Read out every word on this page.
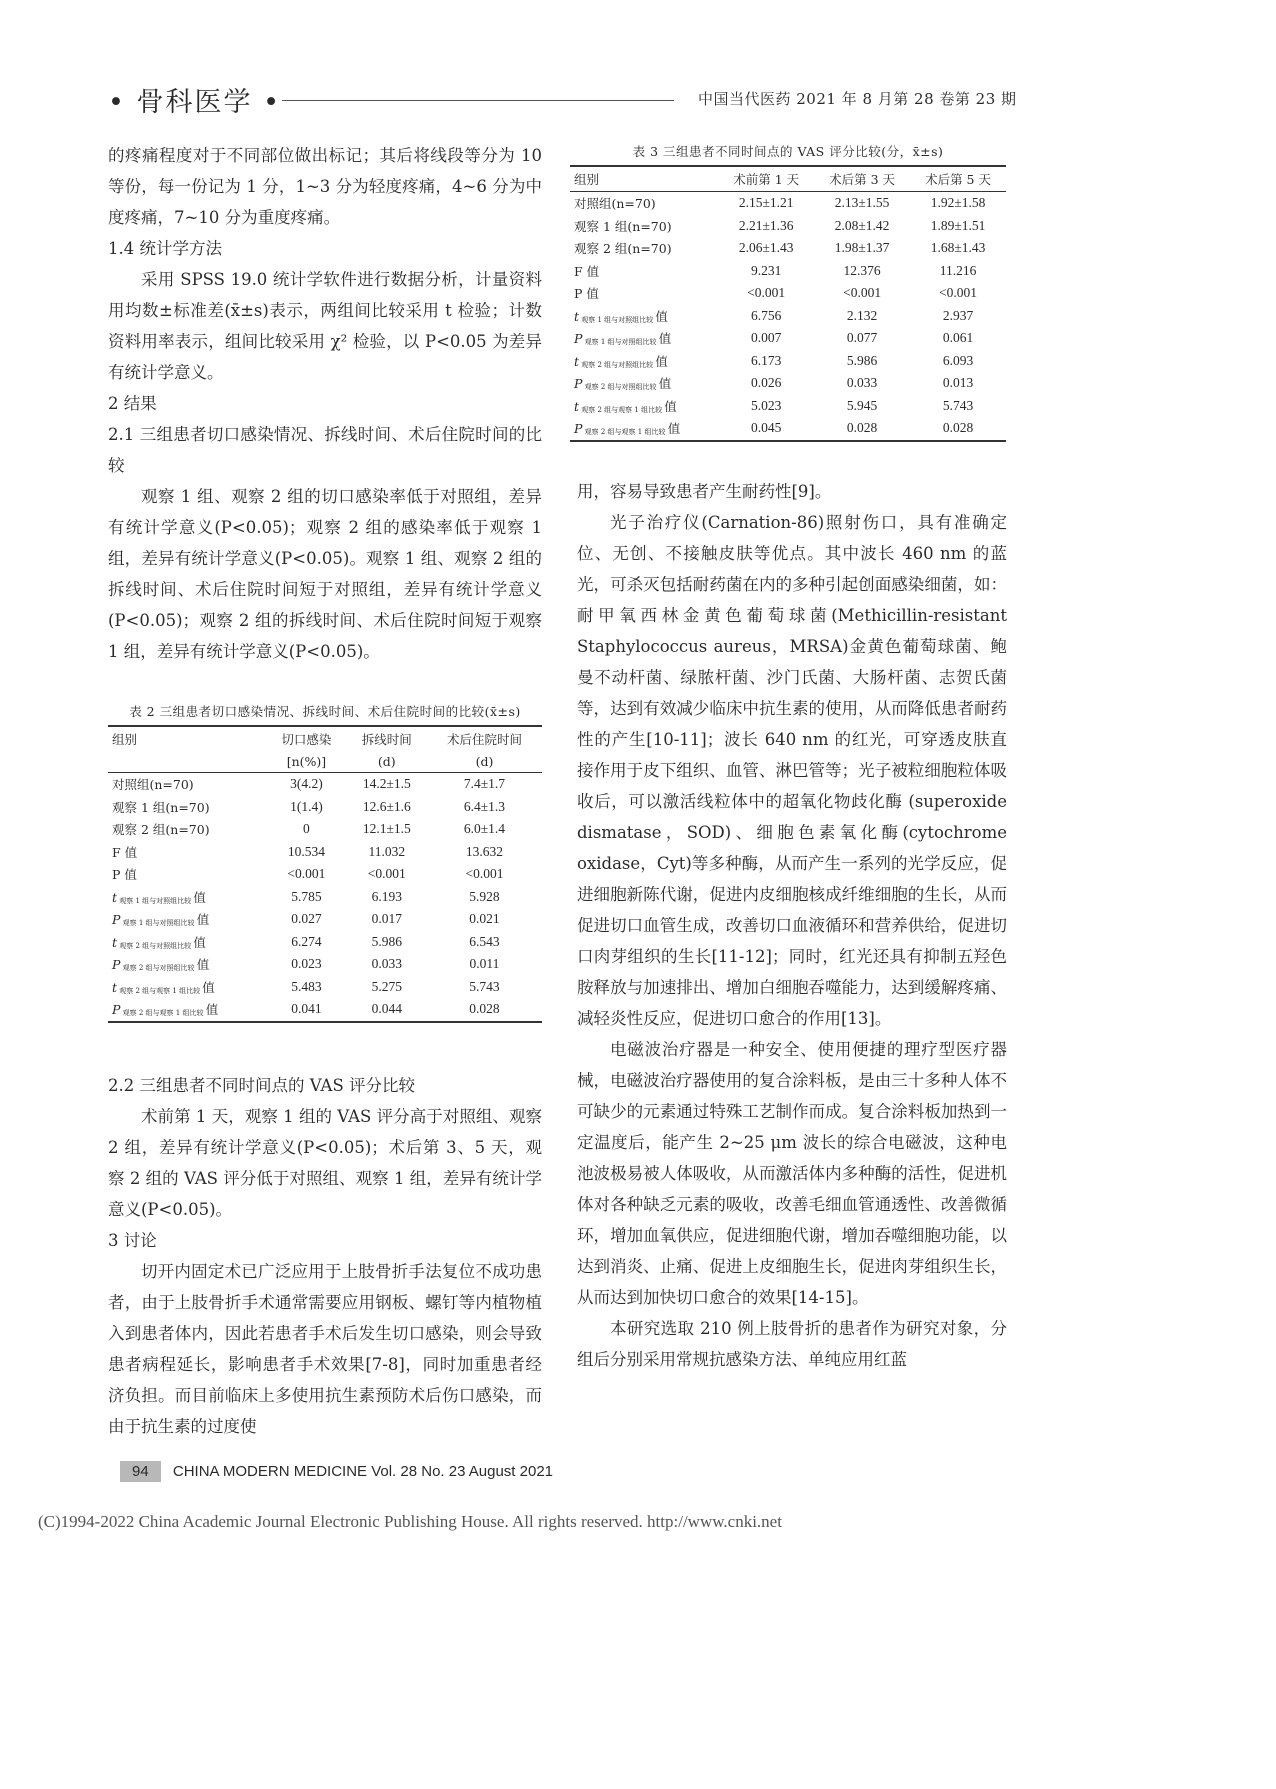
• 骨科医学 •	中国当代医药 2021 年 8 月第 28 卷第 23 期

的疼痛程度对于不同部位做出标记；其后将线段等分为 10 等份，每一份记为 1 分，1~3 分为轻度疼痛，4~6 分为中度疼痛，7~10 分为重度疼痛。

1.4 统计学方法

采用 SPSS 19.0 统计学软件进行数据分析，计量资料用均数±标准差(x̄±s)表示，两组间比较采用 t 检验；计数资料用率表示，组间比较采用 χ² 检验，以 P<0.05 为差异有统计学意义。

2 结果

2.1 三组患者切口感染情况、拆线时间、术后住院时间的比较

观察 1 组、观察 2 组的切口感染率低于对照组，差异有统计学意义(P<0.05)；观察 2 组的感染率低于观察 1 组，差异有统计学意义(P<0.05)。观察 1 组、观察 2 组的拆线时间、术后住院时间短于对照组，差异有统计学意义(P<0.05)；观察 2 组的拆线时间、术后住院时间短于观察 1 组，差异有统计学意义(P<0.05)。

表 2 三组患者切口感染情况、拆线时间、术后住院时间的比较(x̄±s)
组别	切口感染	拆线时间	术后住院时间
	[n(%)]	(d)	(d)
对照组(n=70)	3(4.2)	14.2±1.5	7.4±1.7
观察 1 组(n=70)	1(1.4)	12.6±1.6	6.4±1.3
观察 2 组(n=70)	0	12.1±1.5	6.0±1.4
F 值	10.534	11.032	13.632
P 值	<0.001	<0.001	<0.001
t 观察 1 组与对照组比较 值	5.785	6.193	5.928
P 观察 1 组与对照组比较 值	0.027	0.017	0.021
t 观察 2 组与对照组比较 值	6.274	5.986	6.543
P 观察 2 组与对照组比较 值	0.023	0.033	0.011
t 观察 2 组与观察 1 组比较 值	5.483	5.275	5.743
P 观察 2 组与观察 1 组比较 值	0.041	0.044	0.028

2.2 三组患者不同时间点的 VAS 评分比较

术前第 1 天，观察 1 组的 VAS 评分高于对照组、观察 2 组，差异有统计学意义(P<0.05)；术后第 3、5 天，观察 2 组的 VAS 评分低于对照组、观察 1 组，差异有统计学意义(P<0.05)。

3 讨论

切开内固定术已广泛应用于上肢骨折手法复位不成功患者，由于上肢骨折手术通常需要应用钢板、螺钉等内植物植入到患者体内，因此若患者手术后发生切口感染，则会导致患者病程延长，影响患者手术效果[7-8]，同时加重患者经济负担。而目前临床上多使用抗生素预防术后伤口感染，而由于抗生素的过度使

表 3 三组患者不同时间点的 VAS 评分比较(分，x̄±s)
组别	术前第 1 天	术后第 3 天	术后第 5 天
对照组(n=70)	2.15±1.21	2.13±1.55	1.92±1.58
观察 1 组(n=70)	2.21±1.36	2.08±1.42	1.89±1.51
观察 2 组(n=70)	2.06±1.43	1.98±1.37	1.68±1.43
F 值	9.231	12.376	11.216
P 值	<0.001	<0.001	<0.001
t 观察 1 组与对照组比较 值	6.756	2.132	2.937
P 观察 1 组与对照组比较 值	0.007	0.077	0.061
t 观察 2 组与对照组比较 值	6.173	5.986	6.093
P 观察 2 组与对照组比较 值	0.026	0.033	0.013
t 观察 2 组与观察 1 组比较 值	5.023	5.945	5.743
P 观察 2 组与观察 1 组比较 值	0.045	0.028	0.028

用，容易导致患者产生耐药性[9]。

光子治疗仪(Carnation-86)照射伤口，具有准确定位、无创、不接触皮肤等优点。其中波长 460 nm 的蓝光，可杀灭包括耐药菌在内的多种引起创面感染细菌，如：耐甲氧西林金黄色葡萄球菌(Methicillin-resistant Staphylococcus aureus，MRSA)金黄色葡萄球菌、鲍曼不动杆菌、绿脓杆菌、沙门氏菌、大肠杆菌、志贺氏菌等，达到有效减少临床中抗生素的使用，从而降低患者耐药性的产生[10-11]；波长 640 nm 的红光，可穿透皮肤直接作用于皮下组织、血管、淋巴管等；光子被粒细胞粒体吸收后，可以激活线粒体中的超氧化物歧化酶 (superoxide dismatase，SOD)、细胞色素氧化酶(cytochrome oxidase，Cyt)等多种酶，从而产生一系列的光学反应，促进细胞新陈代谢，促进内皮细胞核成纤维细胞的生长，从而促进切口血管生成，改善切口血液循环和营养供给，促进切口肉芽组织的生长[11-12]；同时，红光还具有抑制五羟色胺释放与加速排出、增加白细胞吞噬能力，达到缓解疼痛、减轻炎性反应，促进切口愈合的作用[13]。

电磁波治疗器是一种安全、使用便捷的理疗型医疗器械，电磁波治疗器使用的复合涂料板，是由三十多种人体不可缺少的元素通过特殊工艺制作而成。复合涂料板加热到一定温度后，能产生 2~25 μm 波长的综合电磁波，这种电池波极易被人体吸收，从而激活体内多种酶的活性，促进机体对各种缺乏元素的吸收，改善毛细血管通透性、改善微循环，增加血氧供应，促进细胞代谢，增加吞噬细胞功能，以达到消炎、止痛、促进上皮细胞生长，促进肉芽组织生长，从而达到加快切口愈合的效果[14-15]。

本研究选取 210 例上肢骨折的患者作为研究对象，分组后分别采用常规抗感染方法、单纯应用红蓝

94 CHINA MODERN MEDICINE Vol. 28 No. 23 August 2021
(C)1994-2022 China Academic Journal Electronic Publishing House. All rights reserved. http://www.cnki.net
